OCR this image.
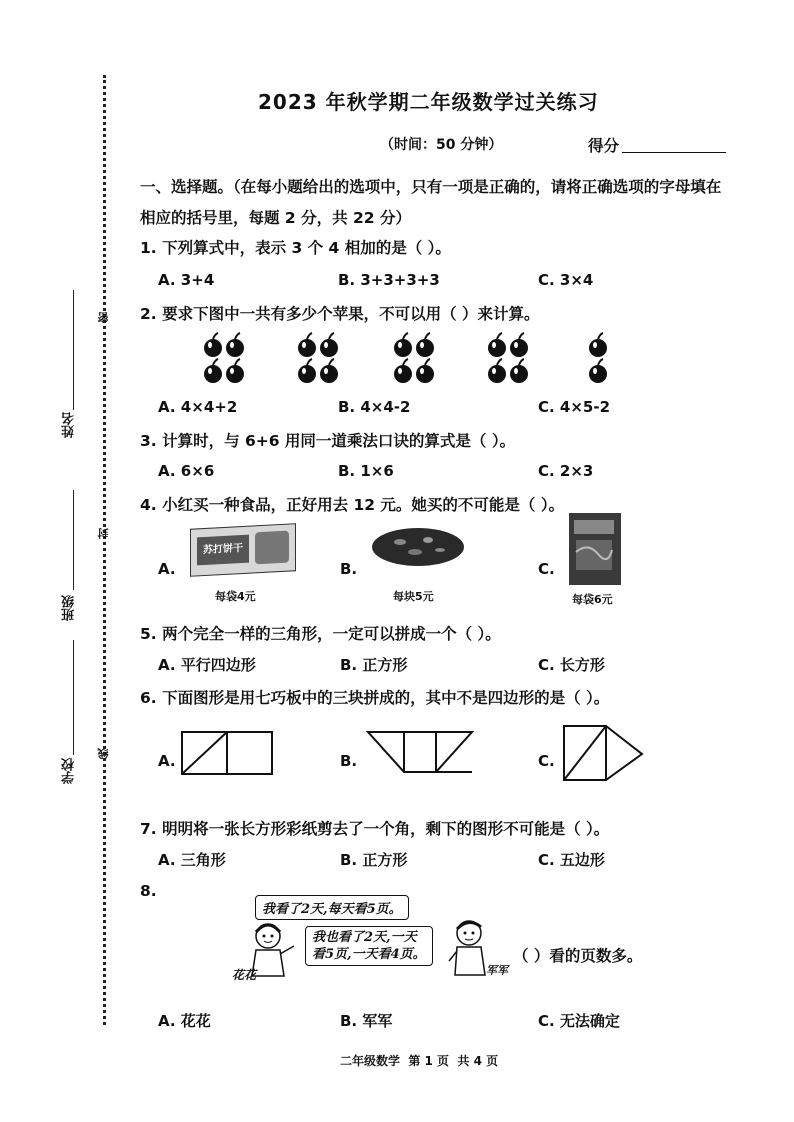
姓名
班级
学校
密
封
线
2023 年秋学期二年级数学过关练习
（时间：50 分钟）	得分
一、选择题。（在每小题给出的选项中，只有一项是正确的，请将正确选项的字母填在
相应的括号里，每题 2 分，共 22 分）
1. 下列算式中，表示 3 个 4 相加的是（ ）。
A. 3+4	B. 3+3+3+3	C. 3×4
2. 要求下图中一共有多少个苹果，不可以用（ ）来计算。
A. 4×4+2	B. 4×4-2	C. 4×5-2
3. 计算时，与 6+6 用同一道乘法口诀的算式是（ ）。
A. 6×6	B. 1×6	C. 2×3
4. 小红买一种食品，正好用去 12 元。她买的不可能是（ ）。
A.
苏打饼干
每袋4元
B.
每块5元
C.
每袋6元
5. 两个完全一样的三角形，一定可以拼成一个（ ）。
A. 平行四边形	B. 正方形	C. 长方形
6. 下面图形是用七巧板中的三块拼成的，其中不是四边形的是（ ）。
A.	B.	C.
7. 明明将一张长方形彩纸剪去了一个角，剩下的图形不可能是（ ）。
A. 三角形	B. 正方形	C. 五边形
8.
我看了2天,每天看5页。
我也看了2天,一天
看5页,一天看4页。
花花	军军
（ ）看的页数多。
A. 花花	B. 军军	C. 无法确定
二年级数学  第 1 页  共 4 页
